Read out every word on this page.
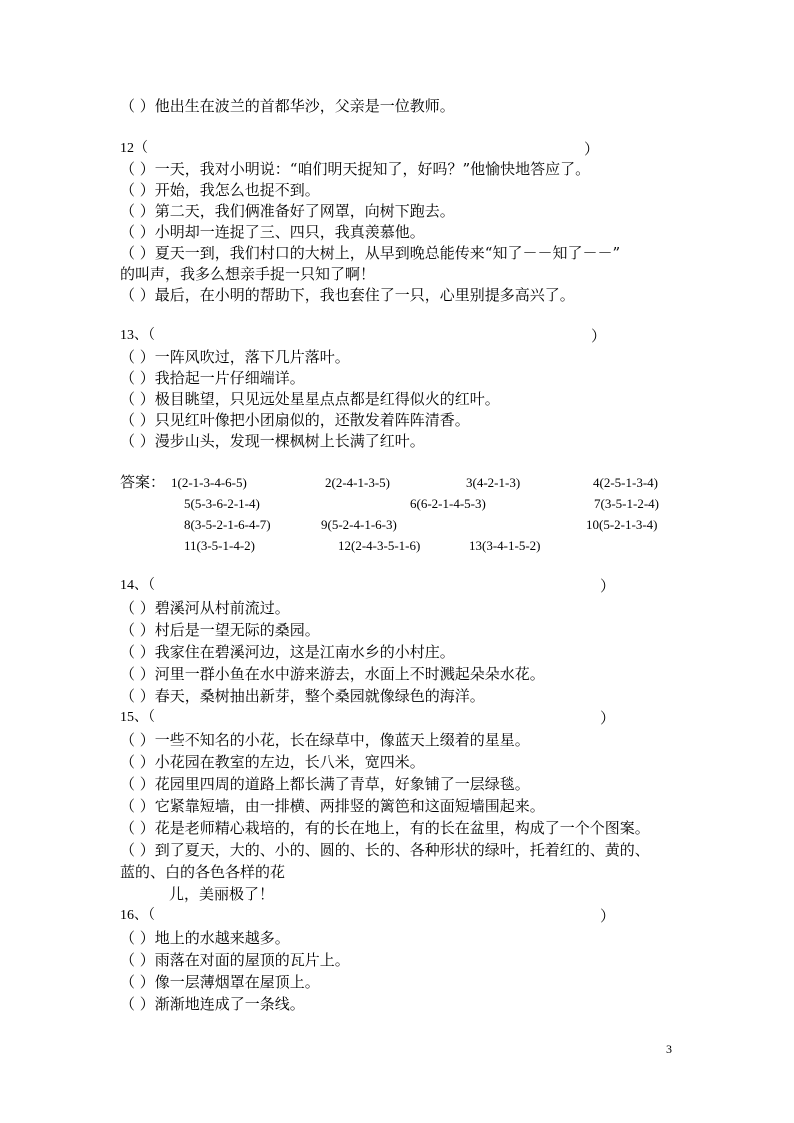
（ ）他出生在波兰的首都华沙，父亲是一位教师。
12（	）
（ ）一天，我对小明说：“咱们明天捉知了，好吗？”他愉快地答应了。
（ ）开始，我怎么也捉不到。
（ ）第二天，我们俩准备好了网罩，向树下跑去。
（ ）小明却一连捉了三、四只，我真羡慕他。
（ ）夏天一到，我们村口的大树上，从早到晚总能传来“知了－－知了－－”
的叫声，我多么想亲手捉一只知了啊！
（ ）最后，在小明的帮助下，我也套住了一只，心里别提多高兴了。
13、（	）
（ ）一阵风吹过，落下几片落叶。
（ ）我拾起一片仔细端详。
（ ）极目眺望，只见远处星星点点都是红得似火的红叶。
（ ）只见红叶像把小团扇似的，还散发着阵阵清香。
（ ）漫步山头，发现一棵枫树上长满了红叶。
答案： 1(2-1-3-4-6-5)	2(2-4-1-3-5)	3(4-2-1-3)	4(2-5-1-3-4)
5(5-3-6-2-1-4)	6(6-2-1-4-5-3)	7(3-5-1-2-4)
8(3-5-2-1-6-4-7)	9(5-2-4-1-6-3)	10(5-2-1-3-4)
11(3-5-1-4-2)	12(2-4-3-5-1-6)	13(3-4-1-5-2)
14、（	）
（ ）碧溪河从村前流过。
（ ）村后是一望无际的桑园。
（ ）我家住在碧溪河边，这是江南水乡的小村庄。
（ ）河里一群小鱼在水中游来游去，水面上不时溅起朵朵水花。
（ ）春天，桑树抽出新芽，整个桑园就像绿色的海洋。
15、（	）
（ ）一些不知名的小花，长在绿草中，像蓝天上缀着的星星。
（ ）小花园在教室的左边，长八米，宽四米。
（ ）花园里四周的道路上都长满了青草，好象铺了一层绿毯。
（ ）它紧靠短墙，由一排横、两排竖的篱笆和这面短墙围起来。
（ ）花是老师精心栽培的，有的长在地上，有的长在盆里，构成了一个个图案。
（ ）到了夏天，大的、小的、圆的、长的、各种形状的绿叶，托着红的、黄的、
蓝的、白的各色各样的花
儿，美丽极了！
16、（	）
（ ）地上的水越来越多。
（ ）雨落在对面的屋顶的瓦片上。
（ ）像一层薄烟罩在屋顶上。
（ ）渐渐地连成了一条线。
3
